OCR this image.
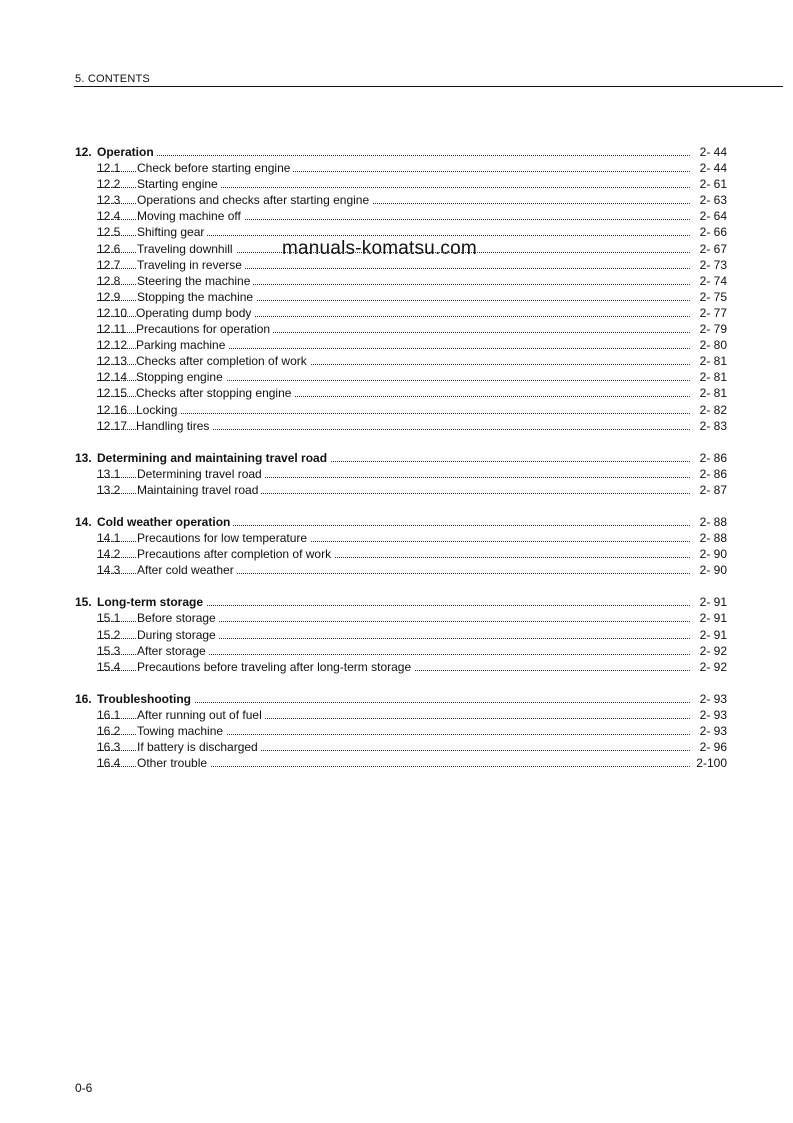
5. CONTENTS
manuals-komatsu.com
12. Operation	2- 44
12.1 Check before starting engine	2- 44
12.2 Starting engine	2- 61
12.3 Operations and checks after starting engine	2- 63
12.4 Moving machine off	2- 64
12.5 Shifting gear	2- 66
12.6 Traveling downhill	2- 67
12.7 Traveling in reverse	2- 73
12.8 Steering the machine	2- 74
12.9 Stopping the machine	2- 75
12.10 Operating dump body	2- 77
12.11 Precautions for operation	2- 79
12.12 Parking machine	2- 80
12.13 Checks after completion of work	2- 81
12.14 Stopping engine	2- 81
12.15 Checks after stopping engine	2- 81
12.16 Locking	2- 82
12.17 Handling tires	2- 83
13. Determining and maintaining travel road	2- 86
13.1 Determining travel road	2- 86
13.2 Maintaining travel road	2- 87
14. Cold weather operation	2- 88
14.1 Precautions for low temperature	2- 88
14.2 Precautions after completion of work	2- 90
14.3 After cold weather	2- 90
15. Long-term storage	2- 91
15.1 Before storage	2- 91
15.2 During storage	2- 91
15.3 After storage	2- 92
15.4 Precautions before traveling after long-term storage	2- 92
16. Troubleshooting	2- 93
16.1 After running out of fuel	2- 93
16.2 Towing machine	2- 93
16.3 If battery is discharged	2- 96
16.4 Other trouble	2-100
0-6
